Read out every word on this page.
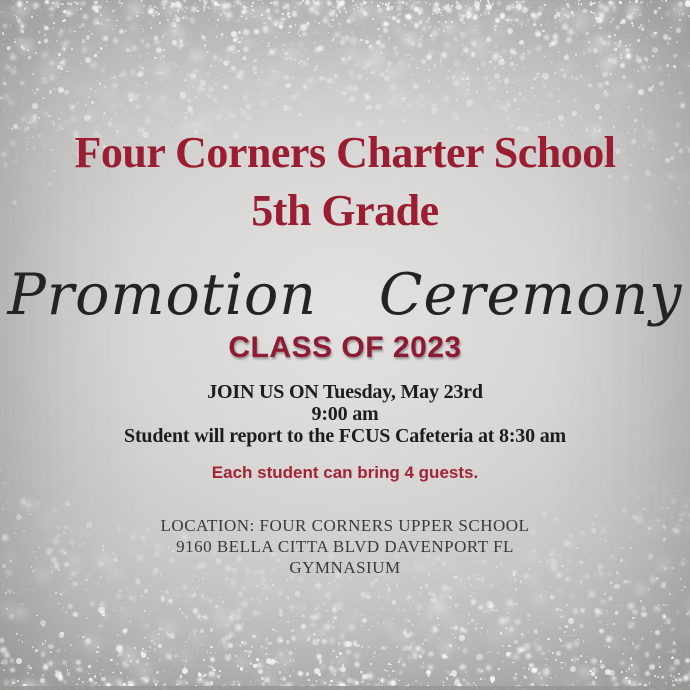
Four Corners Charter School
5th Grade
Promotion Ceremony
CLASS OF 2023
JOIN US ON Tuesday, May 23rd
9:00 am
Student will report to the FCUS Cafeteria at 8:30 am
Each student can bring 4 guests.
LOCATION: FOUR CORNERS UPPER SCHOOL
9160 BELLA CITTA BLVD DAVENPORT FL
GYMNASIUM
